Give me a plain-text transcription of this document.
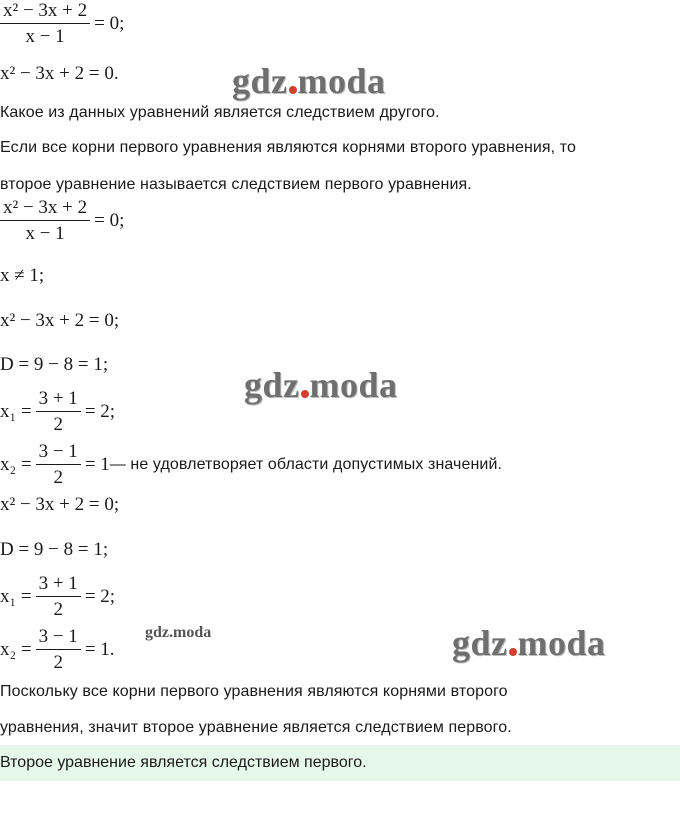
$\frac{\text{x² − 3x + 2}}{x - 1} = 0$;
x² − 3x + 2 = 0.
Какое из данных уравнений является следствием другого.
Если все корни первого уравнения являются корнями второго уравнения, то
второе уравнение называется следствием первого уравнения.
$\frac{\text{x² − 3x + 2}}{x - 1} = 0$;
x ≠ 1;
x² − 3x + 2 = 0;
D = 9 − 8 = 1;
$x_1 = \frac{3 + 1}{2} = 2$;
$x_2 = \frac{3 - 1}{2} = 1$ — не удовлетворяет области допустимых значений.
x² − 3x + 2 = 0;
D = 9 − 8 = 1;
$x_1 = \frac{3 + 1}{2} = 2$;
$x_2 = \frac{3 - 1}{2} = 1$.
Поскольку все корни первого уравнения являются корнями второго
уравнения, значит второе уравнение является следствием первого.
Второе уравнение является следствием первого.
gdz moda
gdz moda
gdz moda
gdz.moda
